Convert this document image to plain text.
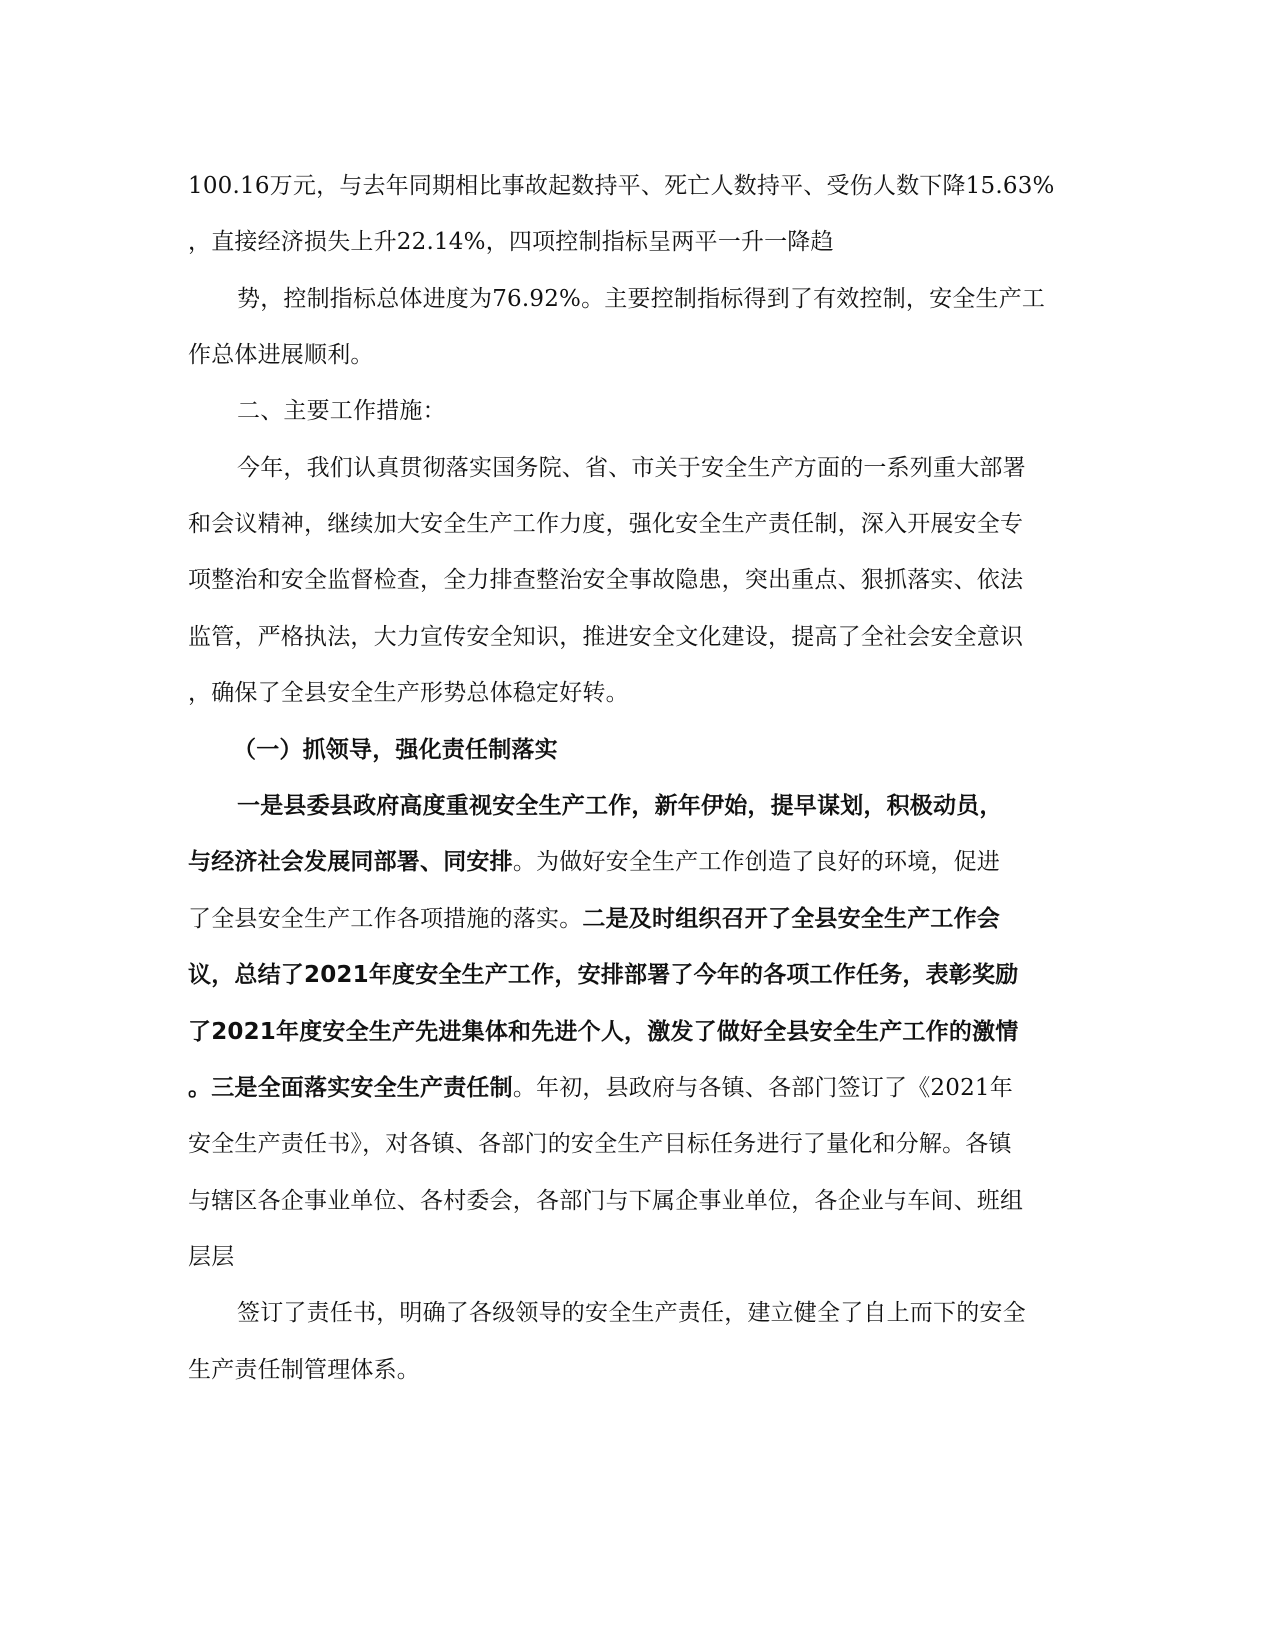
100.16万元，与去年同期相比事故起数持平、死亡人数持平、受伤人数下降15.63%
，直接经济损失上升22.14%，四项控制指标呈两平一升一降趋
势，控制指标总体进度为76.92%。主要控制指标得到了有效控制，安全生产工
作总体进展顺利。
二、主要工作措施：
今年，我们认真贯彻落实国务院、省、市关于安全生产方面的一系列重大部署
和会议精神，继续加大安全生产工作力度，强化安全生产责任制，深入开展安全专
项整治和安全监督检查，全力排查整治安全事故隐患，突出重点、狠抓落实、依法
监管，严格执法，大力宣传安全知识，推进安全文化建设，提高了全社会安全意识
，确保了全县安全生产形势总体稳定好转。
（一）抓领导，强化责任制落实
一是县委县政府高度重视安全生产工作，新年伊始，提早谋划，积极动员，
与经济社会发展同部署、同安排。为做好安全生产工作创造了良好的环境，促进
了全县安全生产工作各项措施的落实。二是及时组织召开了全县安全生产工作会
议，总结了2021年度安全生产工作，安排部署了今年的各项工作任务，表彰奖励
了2021年度安全生产先进集体和先进个人，激发了做好全县安全生产工作的激情
。三是全面落实安全生产责任制。年初，县政府与各镇、各部门签订了《2021年
安全生产责任书》，对各镇、各部门的安全生产目标任务进行了量化和分解。各镇
与辖区各企事业单位、各村委会，各部门与下属企事业单位，各企业与车间、班组
层层
签订了责任书，明确了各级领导的安全生产责任，建立健全了自上而下的安全
生产责任制管理体系。
